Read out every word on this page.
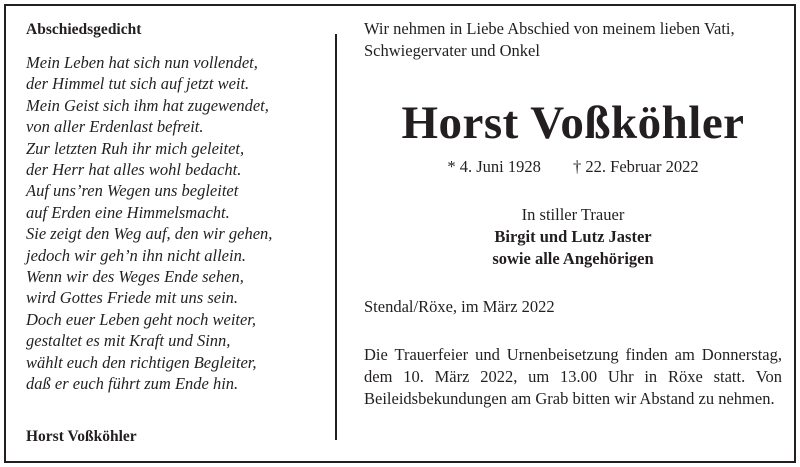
Abschiedsgedicht
Mein Leben hat sich nun vollendet,
der Himmel tut sich auf jetzt weit.
Mein Geist sich ihm hat zugewendet,
von aller Erdenlast befreit.
Zur letzten Ruh ihr mich geleitet,
der Herr hat alles wohl bedacht.
Auf uns’ren Wegen uns begleitet
auf Erden eine Himmelsmacht.
Sie zeigt den Weg auf, den wir gehen,
jedoch wir geh’n ihn nicht allein.
Wenn wir des Weges Ende sehen,
wird Gottes Friede mit uns sein.
Doch euer Leben geht noch weiter,
gestaltet es mit Kraft und Sinn,
wählt euch den richtigen Begleiter,
daß er euch führt zum Ende hin.
Horst Voßköhler

Wir nehmen in Liebe Abschied von meinem lieben Vati,
Schwiegervater und Onkel

Horst Voßköhler
* 4. Juni 1928 † 22. Februar 2022
In stiller Trauer
Birgit und Lutz Jaster
sowie alle Angehörigen
Stendal/Röxe, im März 2022
Die Trauerfeier und Urnenbeisetzung finden am Donnerstag, dem 10. März 2022, um 13.00 Uhr in Röxe statt. Von Beileidsbekundungen am Grab bitten wir Abstand zu nehmen.
